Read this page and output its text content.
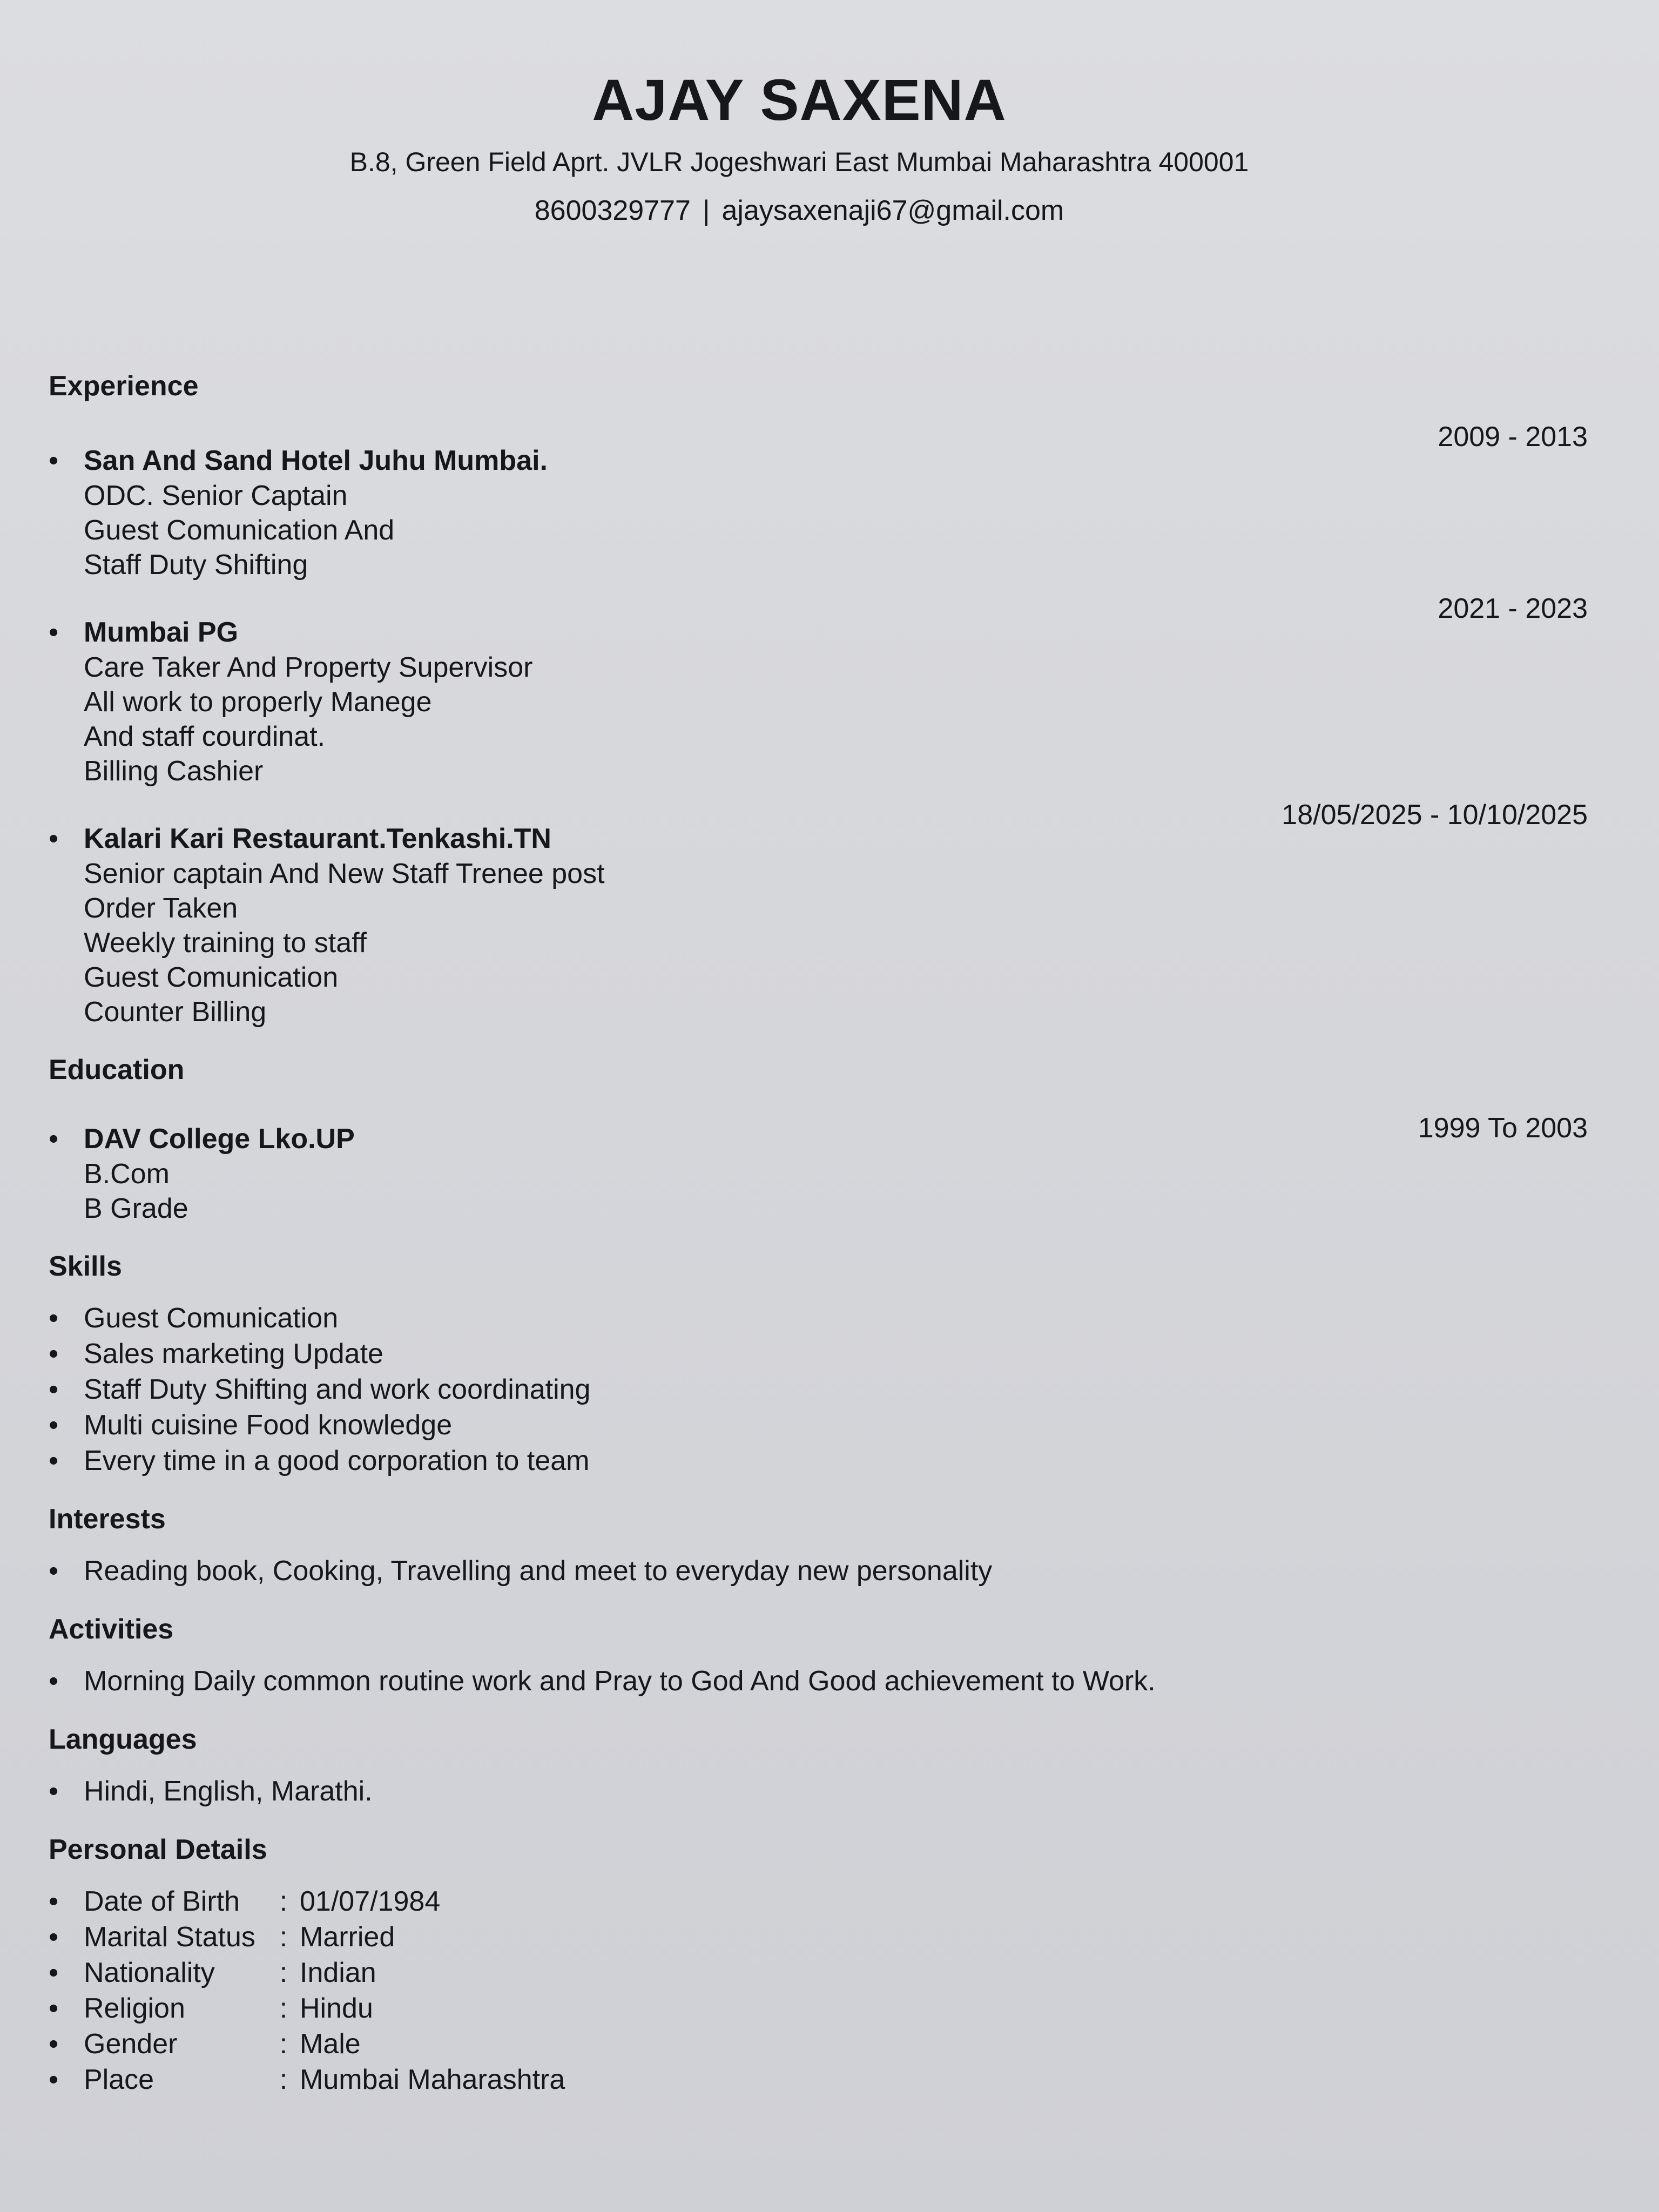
AJAY SAXENA
B.8, Green Field Aprt. JVLR Jogeshwari East Mumbai Maharashtra 400001
8600329777 | ajaysaxenaji67@gmail.com
Experience
• 2009 - 2013
San And Sand Hotel Juhu Mumbai.
ODC. Senior Captain
Guest Comunication And
Staff Duty Shifting
• 2021 - 2023
Mumbai PG
Care Taker And Property Supervisor
All work to properly Manege
And staff courdinat.
Billing Cashier
• 18/05/2025 - 10/10/2025
Kalari Kari Restaurant.Tenkashi.TN
Senior captain And New Staff Trenee post
Order Taken
Weekly training to staff
Guest Comunication
Counter Billing
Education
• 1999 To 2003
DAV College Lko.UP
B.Com
B Grade
Skills
• Guest Comunication
• Sales marketing Update
• Staff Duty Shifting and work coordinating
• Multi cuisine Food knowledge
• Every time in a good corporation to team
Interests
• Reading book, Cooking, Travelling and meet to everyday new personality
Activities
• Morning Daily common routine work and Pray to God And Good achievement to Work.
Languages
• Hindi, English, Marathi.
Personal Details
• Date of Birth	: 01/07/1984
• Marital Status : Married
• Nationality	: Indian
• Religion	: Hindu
• Gender	: Male
• Place	: Mumbai Maharashtra
